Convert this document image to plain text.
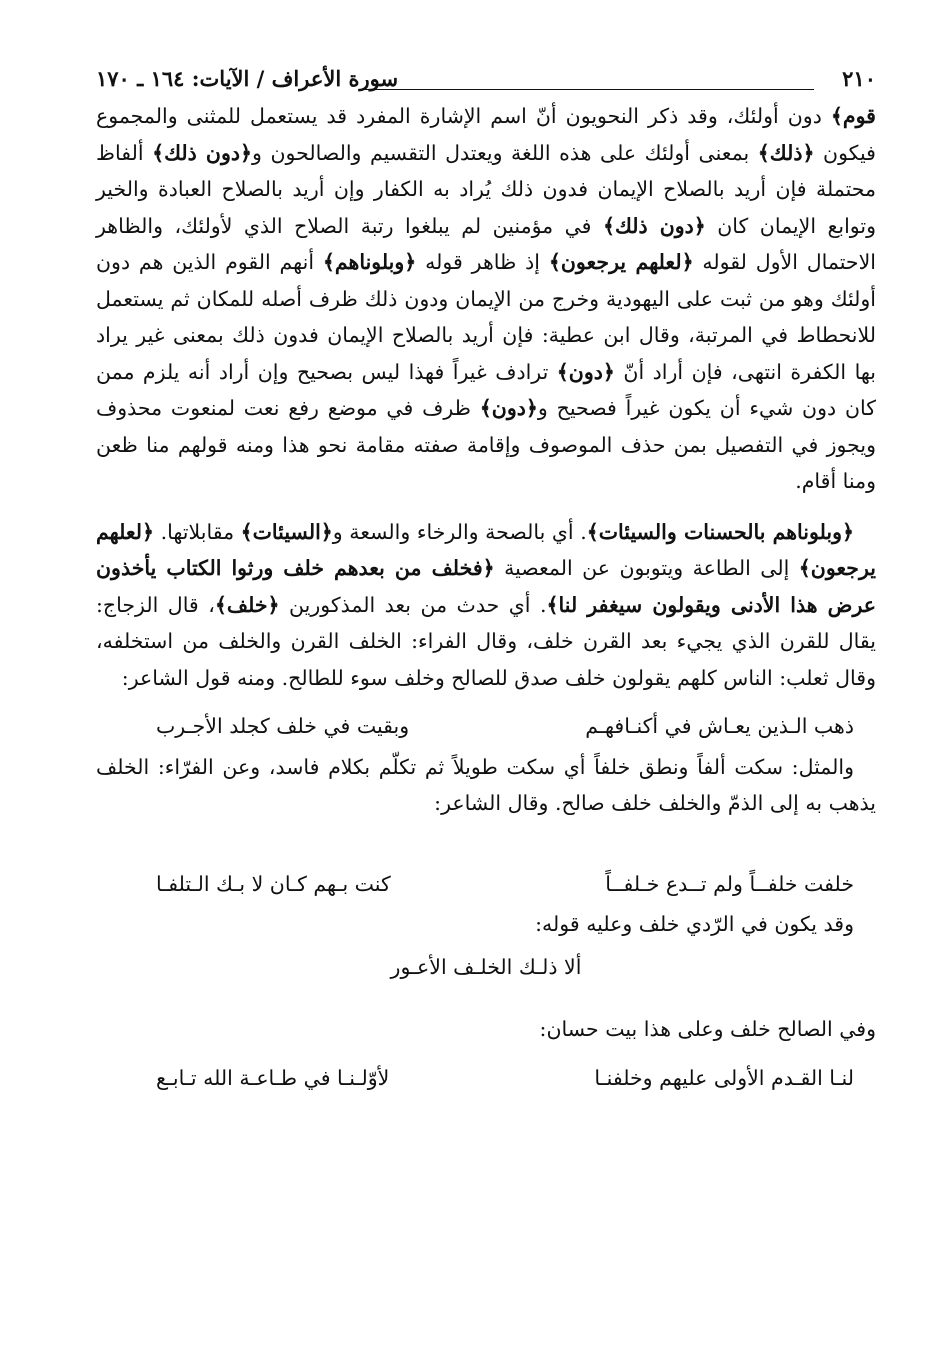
٢١٠
سورة الأعراف / الآيات: ١٦٤ ـ ١٧٠

قوم﴾ دون أولئك، وقد ذكر النحويون أنّ اسم الإشارة المفرد قد يستعمل للمثنى والمجموع فيكون ﴿ذلك﴾ بمعنى أولئك على هذه اللغة ويعتدل التقسيم والصالحون و﴿دون ذلك﴾ ألفاظ محتملة فإن أريد بالصلاح الإيمان فدون ذلك يُراد به الكفار وإن أريد بالصلاح العبادة والخير وتوابع الإيمان كان ﴿دون ذلك﴾ في مؤمنين لم يبلغوا رتبة الصلاح الذي لأولئك، والظاهر الاحتمال الأول لقوله ﴿لعلهم يرجعون﴾ إذ ظاهر قوله ﴿وبلوناهم﴾ أنهم القوم الذين هم دون أولئك وهو من ثبت على اليهودية وخرج من الإيمان ودون ذلك ظرف أصله للمكان ثم يستعمل للانحطاط في المرتبة، وقال ابن عطية: فإن أريد بالصلاح الإيمان فدون ذلك بمعنى غير يراد بها الكفرة انتهى، فإن أراد أنّ ﴿دون﴾ ترادف غيراً فهذا ليس بصحيح وإن أراد أنه يلزم ممن كان دون شيء أن يكون غيراً فصحيح و﴿دون﴾ ظرف في موضع رفع نعت لمنعوت محذوف ويجوز في التفصيل بمن حذف الموصوف وإقامة صفته مقامة نحو هذا ومنه قولهم منا ظعن ومنا أقام.

﴿وبلوناهم بالحسنات والسيئات﴾. أي بالصحة والرخاء والسعة و﴿السيئات﴾ مقابلاتها. ﴿لعلهم يرجعون﴾ إلى الطاعة ويتوبون عن المعصية ﴿فخلف من بعدهم خلف ورثوا الكتاب يأخذون عرض هذا الأدنى ويقولون سيغفر لنا﴾. أي حدث من بعد المذكورين ﴿خلف﴾، قال الزجاج: يقال للقرن الذي يجيء بعد القرن خلف، وقال الفراء: الخلف القرن والخلف من استخلفه، وقال ثعلب: الناس كلهم يقولون خلف صدق للصالح وخلف سوء للطالح. ومنه قول الشاعر:

ذهب الـذين يعـاش في أكنـافهـم
وبقيت في خلف كجلد الأجـرب

والمثل: سكت ألفاً ونطق خلفاً أي سكت طويلاً ثم تكلّم بكلام فاسد، وعن الفرّاء: الخلف يذهب به إلى الذمّ والخلف خلف صالح. وقال الشاعر:

خلفت خلفــاً ولم تــدع خـلفــاً
كنت بـهم كـان لا بـك الـتلفـا

وقد يكون في الرّدي خلف وعليه قوله:

ألا ذلـك الخلـف الأعـور

وفي الصالح خلف وعلى هذا بيت حسان:

لنـا القـدم الأولى عليهم وخلفنـا
لأوّلـنـا في طـاعـة الله تـابـع
